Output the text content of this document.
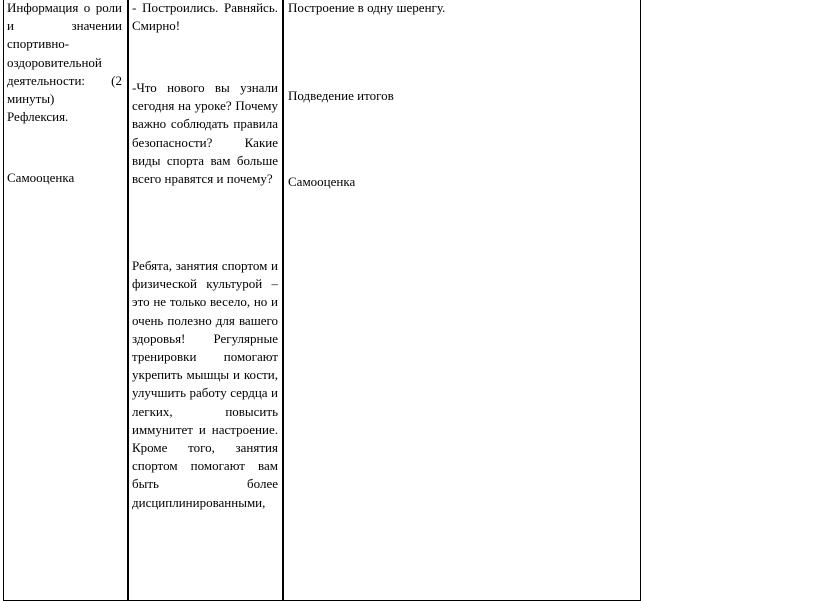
Информация о роли и значении спортивно-оздоровительной деятельности: (2 минуты)

Рефлексия.

Самооценка

- Построились. Равняйсь. Смирно!

-Что нового вы узнали сегодня на уроке? Почему важно соблюдать правила безопасности? Какие виды спорта вам больше всего нравятся и почему?

Ребята, занятия спортом и физической культурой – это не только весело, но и очень полезно для вашего здоровья! Регулярные тренировки помогают укрепить мышцы и кости, улучшить работу сердца и легких, повысить иммунитет и настроение. Кроме того, занятия спортом помогают вам быть более дисциплинированными,

Построение в одну шеренгу.

Подведение итогов

Самооценка
